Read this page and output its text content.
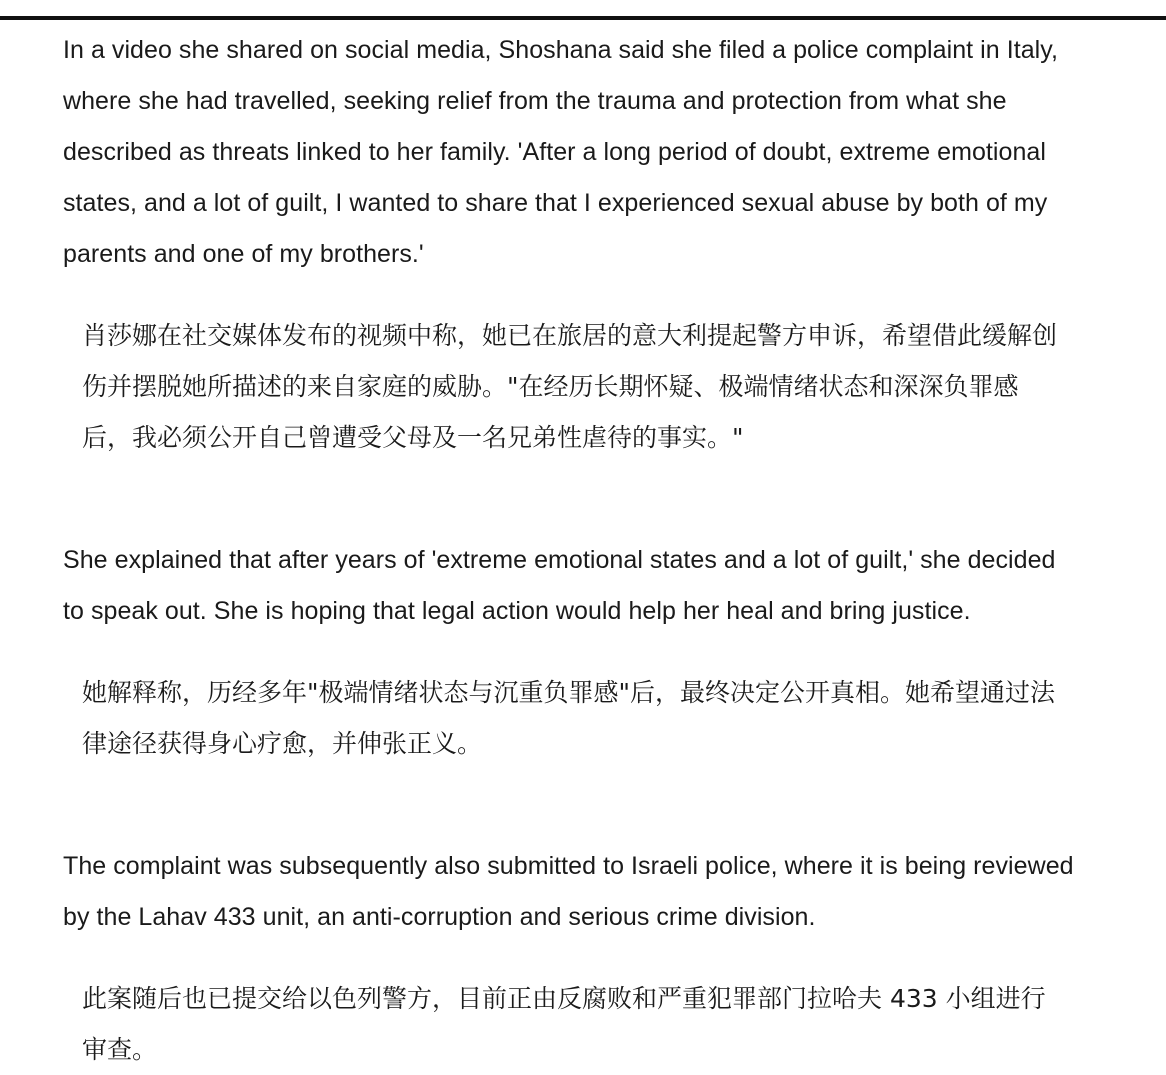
In a video she shared on social media, Shoshana said she filed a police complaint in Italy,
where she had travelled, seeking relief from the trauma and protection from what she
described as threats linked to her family. 'After a long period of doubt, extreme emotional
states, and a lot of guilt, I wanted to share that I experienced sexual abuse by both of my
parents and one of my brothers.'

肖莎娜在社交媒体发布的视频中称，她已在旅居的意大利提起警方申诉，希望借此缓解创
伤并摆脱她所描述的来自家庭的威胁。"在经历长期怀疑、极端情绪状态和深深负罪感
后，我必须公开自己曾遭受父母及一名兄弟性虐待的事实。"

She explained that after years of 'extreme emotional states and a lot of guilt,' she decided
to speak out. She is hoping that legal action would help her heal and bring justice.

她解释称，历经多年"极端情绪状态与沉重负罪感"后，最终决定公开真相。她希望通过法
律途径获得身心疗愈，并伸张正义。

The complaint was subsequently also submitted to Israeli police, where it is being reviewed
by the Lahav 433 unit, an anti-corruption and serious crime division.

此案随后也已提交给以色列警方，目前正由反腐败和严重犯罪部门拉哈夫 433 小组进行
审查。
